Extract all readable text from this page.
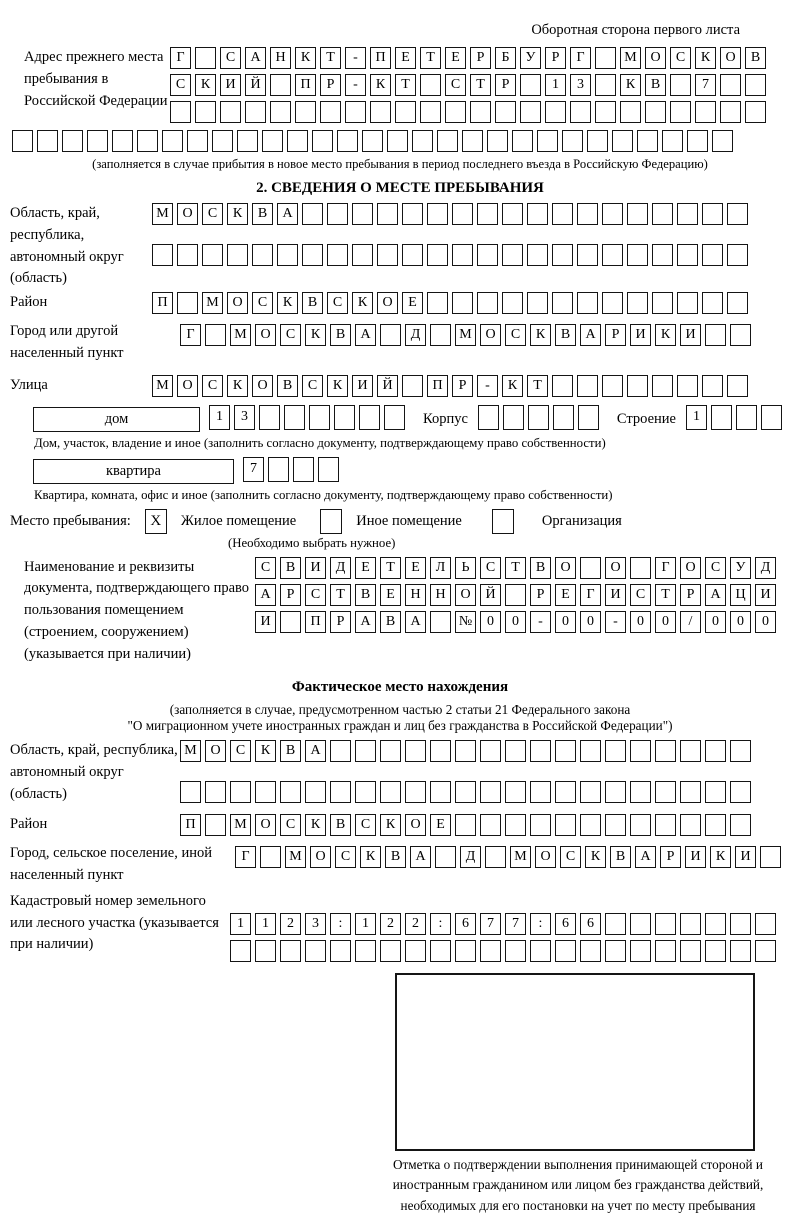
Оборотная сторона первого листа
Адрес прежнего места пребывания в Российской Федерации
Г	С А Н К Т - П Е Т Е Р Б У Р Г	М О С К О В
С К И Й	П Р - К Т	С Т Р	1 3	К В	7

(заполняется в случае прибытия в новое место пребывания в период последнего въезда в Российскую Федерацию)
2. СВЕДЕНИЯ О МЕСТЕ ПРЕБЫВАНИЯ
Область, край, республика, автономный округ (область)
М О С К В А

Район	П	М О С К В С К О Е
Город или другой населенный пункт
Г	М О С К В А	Д	М О С К В А Р И К И
Улица	М О С К О В С К И Й	П Р - К Т
дом	1 3	Корпус
	Строение	1
Дом, участок, владение и иное (заполнить согласно документу, подтверждающему право собственности)
квартира	7
Квартира, комната, офис и иное (заполнить согласно документу, подтверждающему право собственности)
Место пребывания:	X	Жилое помещение	Иное помещение	Организация
(Необходимо выбрать нужное)
Наименование и реквизиты документа, подтверждающего право пользования помещением (строением, сооружением) (указывается при наличии)
С В И Д Е Т Е Л Ь С Т В О	О	Г О С У Д
А Р С Т В Е Н Н О Й	Р Е Г И С Т Р А Ц И
И	П Р А В А	№ 0 0 - 0 0 - 0 0 / 0 0 0
Фактическое место нахождения
(заполняется в случае, предусмотренном частью 2 статьи 21 Федерального закона
"О миграционном учете иностранных граждан и лиц без гражданства в Российской Федерации")
Область, край, республика, автономный округ (область)
М О С К В А

Район	П	М О С К В С К О Е
Город, сельское поселение, иной населенный пункт
Г	М О С К В А	Д	М О С К В А Р И К И
Кадастровый номер земельного или лесного участка (указывается при наличии)
1 1 2 3 : 1 2 2 : 6 7 7 : 6 6

Отметка о подтверждении выполнения принимающей стороной и иностранным гражданином или лицом без гражданства действий, необходимых для его постановки на учет по месту пребывания
